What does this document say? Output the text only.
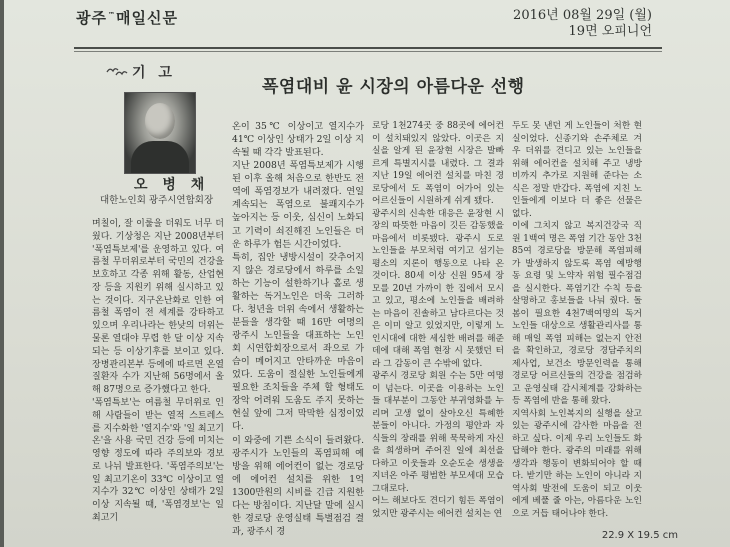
광주™매일신문	2016년 08월 29일 (월)
19면 오피니언
기 고
폭염대비 윤 시장의 아름다운 선행
오 병 채
대한노인회 광주시연합회장

며칠이, 잘 이룰을 더워도 너무 더웠다. 기상청은 지난 2008년부터 '폭염특보제'를 운영하고 있다. 여름철 무더위로부터 국민의 건강을 보호하고 각종 위해 활동, 산업현장 등을 지원키 위해 실시하고 있는 것이다. 지구온난화로 인한 여름철 폭염이 전 세계를 강타하고 있으며 우리나라는 한낮의 더위는 물론 열대야 무렵 한 달 이상 지속되는 등 이상기후를 보이고 있다. 장병관리본부 등에에 따르면 온열 질환자 수가 지난해 56명에서 올해 87명으로 증가했다고 한다.
'폭염특보'는 여름철 무더위로 인해 사람들이 받는 열적 스트레스를 지수화한 '열지수'와 '일 최고기온'을 사용 국민 건강 등에 미치는 영향 정도에 따라 주의보와 경보로 나뉘 발표한다. '폭염주의보'는 일 최고기온이 33℃ 이상이고 열지수가 32℃ 이상인 상태가 2일 이상 지속될 때, '폭염경보'는 일 최고기

온이 35℃ 이상이고 열지수가 41℃ 이상인 상태가 2일 이상 지속될 때 각각 발표된다.
지난 2008년 폭염특보제가 시행된 이후 올해 처음으로 한반도 전역에 폭염경보가 내려졌다. 연일 계속되는 폭염으로 불쾌지수가 높아지는 등 이웃, 심신이 노화되고 기력이 쇠진해진 노인들은 더운 하루가 험든 시간이었다.
특히, 집안 냉방시설이 갖추어지지 않은 경로당에서 하루를 소일하는 기능이 설한하기나 홀로 생활하는 독거노인은 더욱 그러하다. 청년을 더위 속에서 생활하는 분들을 생각할 때 16만 여명의 광주시 노인들을 대표하는 노인회 시연합회장으로서 좌으로 가슴이 메어지고 안타까운 마음이었다. 도움이 절실한 노인들에게 필요한 조치들을 주체 할 형태도 장악 어려워 도움도 주지 못하는 현실 앞에 그저 막막한 심정이었다.
이 와중에 기쁜 소식이 들려왔다. 광주시가 노인들의 폭염피해 예방을 위해 에어컨이 없는 경로당에 에어컨 설치를 위한 1억 1300만원의 시비를 긴급 지원한다는 방침이다. 지난달 말에 실시한 경로당 운영실태 특별점검 결과, 광주시 경

로당 1천274곳 중 88곳에 에어컨이 설치돼있지 않았다. 이곳은 지 실을 알게 된 윤장현 시장은 발빠르게 특별지시를 내렸다. 그 결과 지난 19일 에어컨 설치를 마친 경로당에서 도 폭염이 어가어 있는 어르신들이 시원하게 쉬게 됐다.
광주시의 신속한 대응은 윤장현 시장의 따뜻한 마음이 깃든 감동했을 마음에서 비롯됐다. 광주시 도로 노인들을 부모처럼 여기고 섬기는 평소의 지론이 행동으로 나타 온 것이다. 80세 이상 신원 95세 장모를 20년 가까이 한 집에서 모시고 있고, 평소에 노인들을 배려하는 마음이 진솔하고 남다르다는 것은 이미 알고 있었지만, 이렇게 노인시대에 대한 세심한 배려를 해준데에 대해 폭염 현장 시 못했던 터라 그 감동이 큰 수밖에 없다.
광주시 경로당 회원 수는 5만 여명이 넘는다. 이곳을 이용하는 노인들 대부분이 그동안 부귀영화를 누리며 고생 없이 살아오신 특혜한 분들이 아니다. 가정의 평안과 자식들의 장래를 위해 묵묵하게 자신을 희생하며 주어진 일에 최선을 다하고 이웃들과 오순도순 생생을 지녀온 아주 평범한 부모세대 모습 그대로다.
어느 해보다도 견디기 힘든 폭염이었지만 광주시는 에어컨 설치는 연

두도 못 낸던 게 노인들이 처한 현실이었다. 신종기와 손주체로 겨우 더위를 견디고 있는 노인들을 위해 에어컨을 설치해 주고 냉방비까지 추가로 지원해 준다는 소식은 정말 반갑다. 폭염에 지친 노인들에게 이보다 더 좋은 선물은 없다.
이에 그치지 않고 복지건강국 직원 1백여 명은 폭염 기간 동안 3천85여 경로당을 방문해 폭염피해가 발생하지 않도록 폭염 예방행동 요령 및 노약자 위험 필수점검을 실시한다. 폭염기간 수칙 등을 살명하고 홍보들을 나눠 줬다. 돌봄이 필요한 4천7백여명의 독거노인들 대상으로 생활관리사를 통해 매일 폭염 피해는 없는지 안전을 확인하고, 경로당 경담주치의제사업, 보건소 방문인력을 통해 경로당 어르신들의 건강을 점검하고 운영실태 감시체계를 강화하는 등 폭염에 반을 통해 왔다.
지역사회 노인복지의 실행을 살고 있는 광주시에 감사한 마음을 전하고 싶다. 이제 우리 노인들도 화답해야 한다. 광주의 미래를 위해 생각과 행동이 변화되어야 할 때다. 받기만 하는 노인이 아니라 지역사회 발전에 도움이 되고 이웃에게 베풀 줄 아는, 아름다운 노인으로 거듭 태어나야 한다.

22.9 X 19.5 cm
